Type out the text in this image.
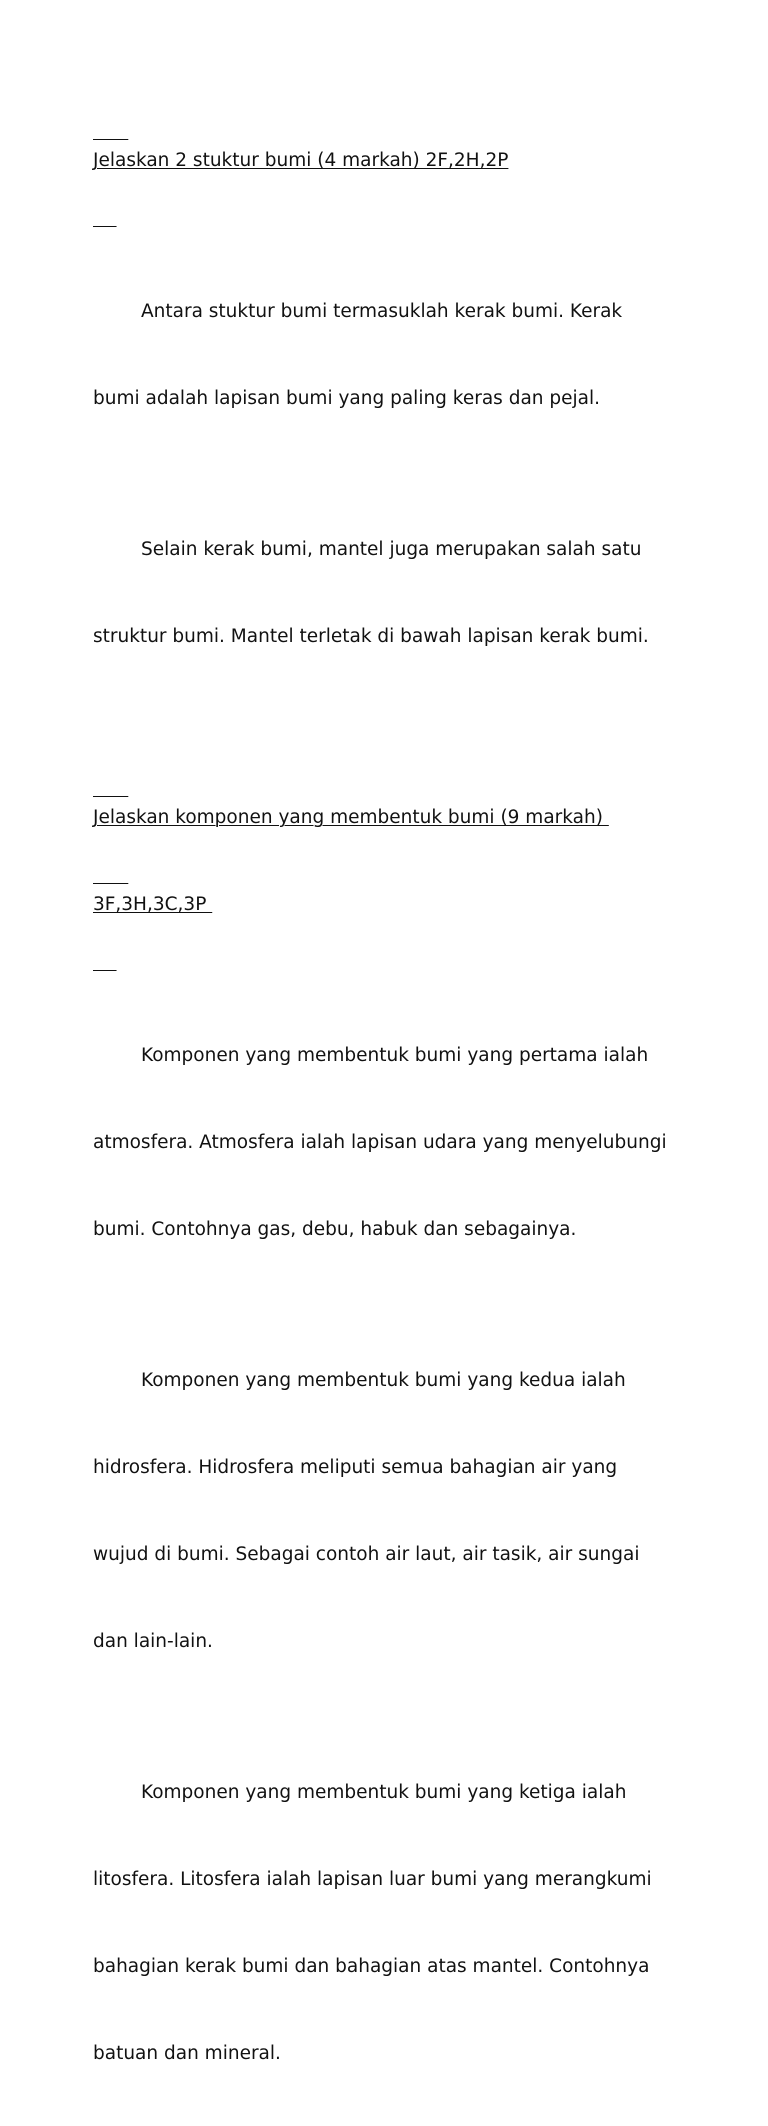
Jelaskan 2 stuktur bumi (4 markah) 2F,2H,2P

Antara stuktur bumi termasuklah kerak bumi. Kerak

bumi adalah lapisan bumi yang paling keras dan pejal.

Selain kerak bumi, mantel juga merupakan salah satu

struktur bumi. Mantel terletak di bawah lapisan kerak bumi.

Jelaskan komponen yang membentuk bumi (9 markah)

3F,3H,3C,3P

Komponen yang membentuk bumi yang pertama ialah

atmosfera. Atmosfera ialah lapisan udara yang menyelubungi

bumi. Contohnya gas, debu, habuk dan sebagainya.

Komponen yang membentuk bumi yang kedua ialah

hidrosfera. Hidrosfera meliputi semua bahagian air yang

wujud di bumi. Sebagai contoh air laut, air tasik, air sungai

dan lain-lain.

Komponen yang membentuk bumi yang ketiga ialah

litosfera. Litosfera ialah lapisan luar bumi yang merangkumi

bahagian kerak bumi dan bahagian atas mantel. Contohnya

batuan dan mineral.
